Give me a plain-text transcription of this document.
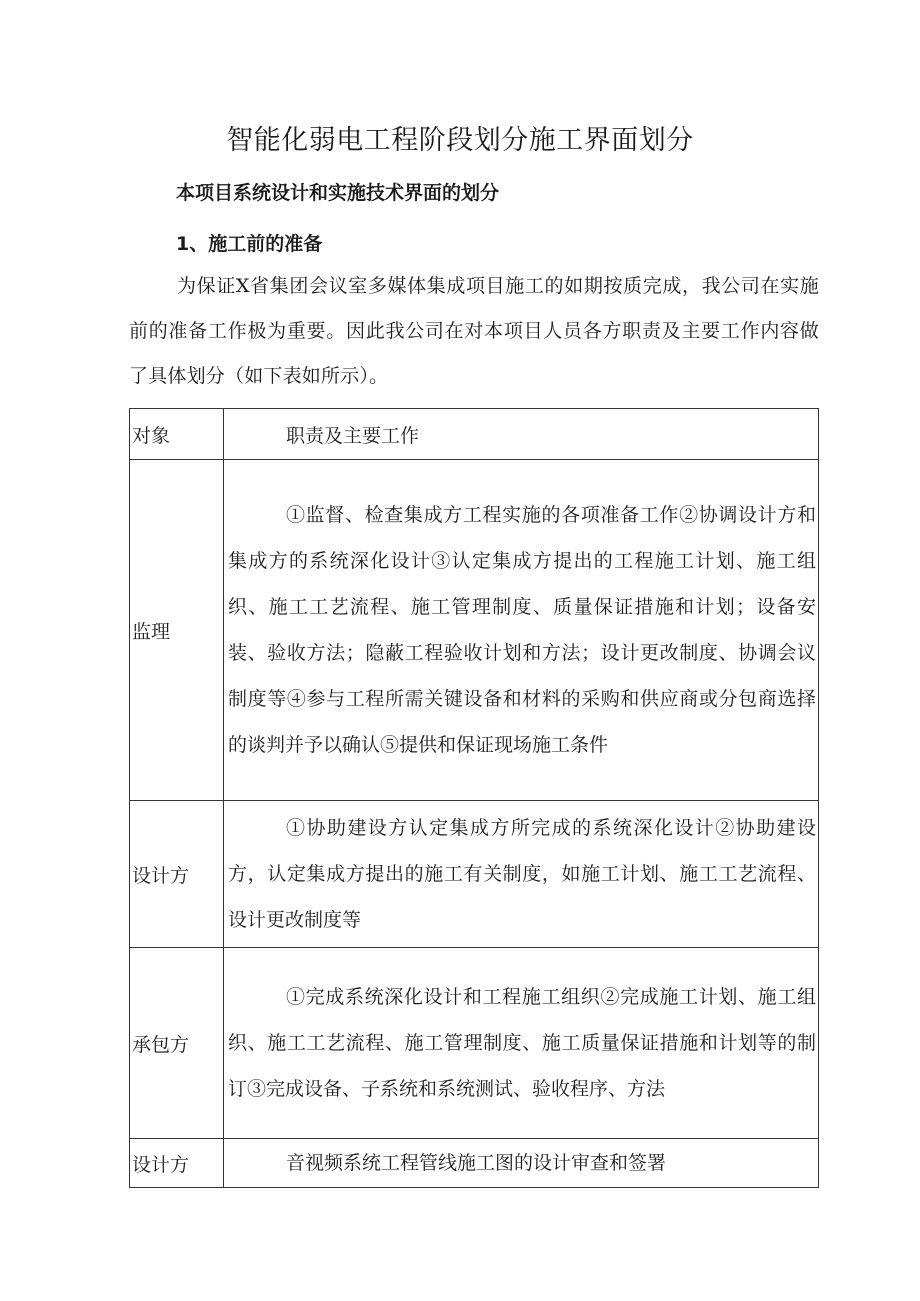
智能化弱电工程阶段划分施工界面划分
本项目系统设计和实施技术界面的划分
1、施工前的准备

为保证X省集团会议室多媒体集成项目施工的如期按质完成，我公司在实施前的准备工作极为重要。因此我公司在对本项目人员各方职责及主要工作内容做了具体划分（如下表如所示）。

对象	职责及主要工作
监理	①监督、检查集成方工程实施的各项准备工作②协调设计方和集成方的系统深化设计③认定集成方提出的工程施工计划、施工组织、施工工艺流程、施工管理制度、质量保证措施和计划；设备安装、验收方法；隐蔽工程验收计划和方法；设计更改制度、协调会议制度等④参与工程所需关键设备和材料的采购和供应商或分包商选择的谈判并予以确认⑤提供和保证现场施工条件

设计方	①协助建设方认定集成方所完成的系统深化设计②协助建设方，认定集成方提出的施工有关制度，如施工计划、施工工艺流程、设计更改制度等

承包方	①完成系统深化设计和工程施工组织②完成施工计划、施工组织、施工工艺流程、施工管理制度、施工质量保证措施和计划等的制订③完成设备、子系统和系统测试、验收程序、方法

设计方	音视频系统工程管线施工图的设计审查和签署
